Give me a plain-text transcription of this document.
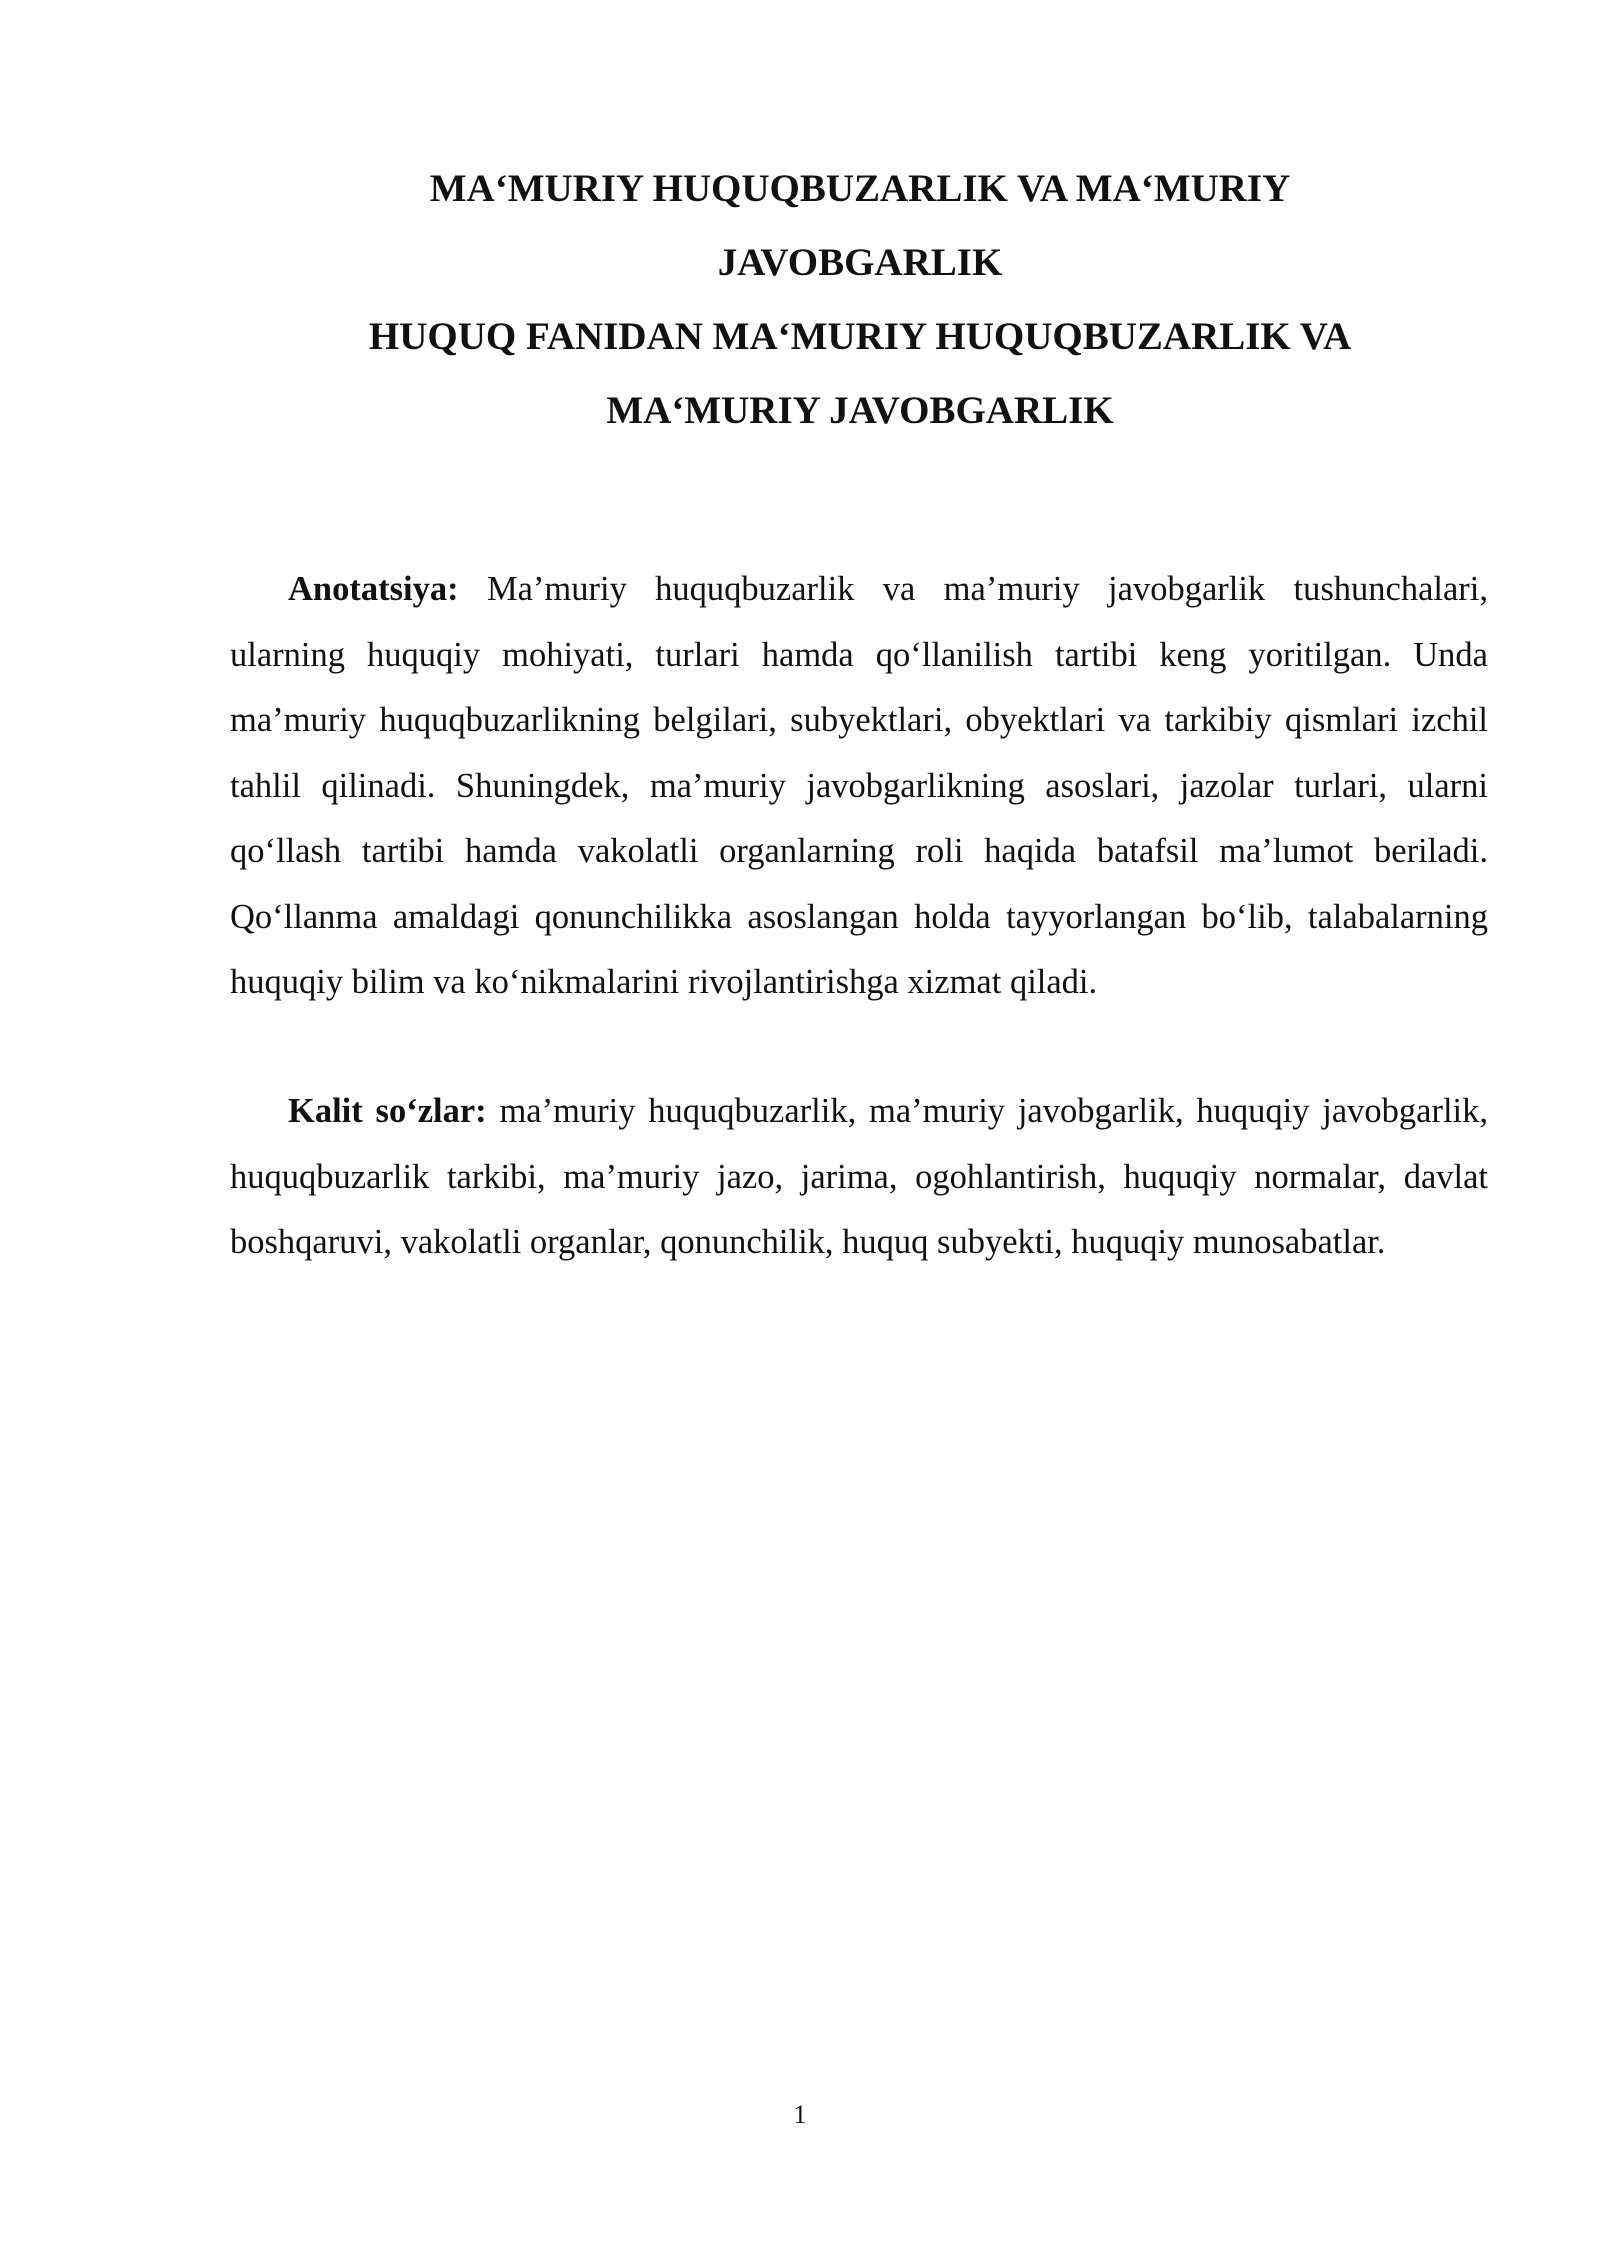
MA‘MURIY HUQUQBUZARLIK VA MA‘MURIY

JAVOBGARLIK

HUQUQ FANIDAN MA‘MURIY HUQUQBUZARLIK VA

MA‘MURIY JAVOBGARLIK

Anotatsiya: Ma’muriy huquqbuzarlik va ma’muriy javobgarlik tushunchalari, ularning huquqiy mohiyati, turlari hamda qo‘llanilish tartibi keng yoritilgan. Unda ma’muriy huquqbuzarlikning belgilari, subyektlari, obyektlari va tarkibiy qismlari izchil tahlil qilinadi. Shuningdek, ma’muriy javobgarlikning asoslari, jazolar turlari, ularni qo‘llash tartibi hamda vakolatli organlarning roli haqida batafsil ma’lumot beriladi. Qo‘llanma amaldagi qonunchilikka asoslangan holda tayyorlangan bo‘lib, talabalarning huquqiy bilim va ko‘nikmalarini rivojlantirishga xizmat qiladi.

Kalit so‘zlar: ma’muriy huquqbuzarlik, ma’muriy javobgarlik, huquqiy javobgarlik, huquqbuzarlik tarkibi, ma’muriy jazo, jarima, ogohlantirish, huquqiy normalar, davlat boshqaruvi, vakolatli organlar, qonunchilik, huquq subyekti, huquqiy munosabatlar.

1
